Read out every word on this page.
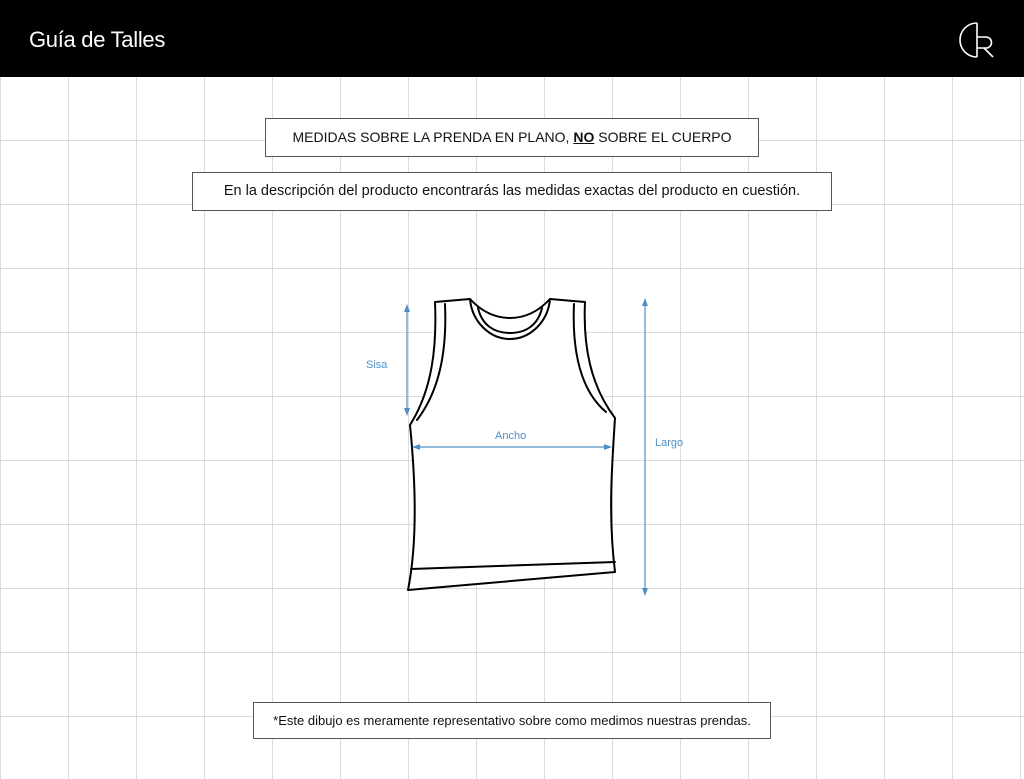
Guía de Talles
MEDIDAS SOBRE LA PRENDA EN PLANO, NO SOBRE EL CUERPO
En la descripción del producto encontrarás las medidas exactas del producto en cuestión.
Sisa
Ancho
Largo
*Este dibujo es meramente representativo sobre como medimos nuestras prendas.
